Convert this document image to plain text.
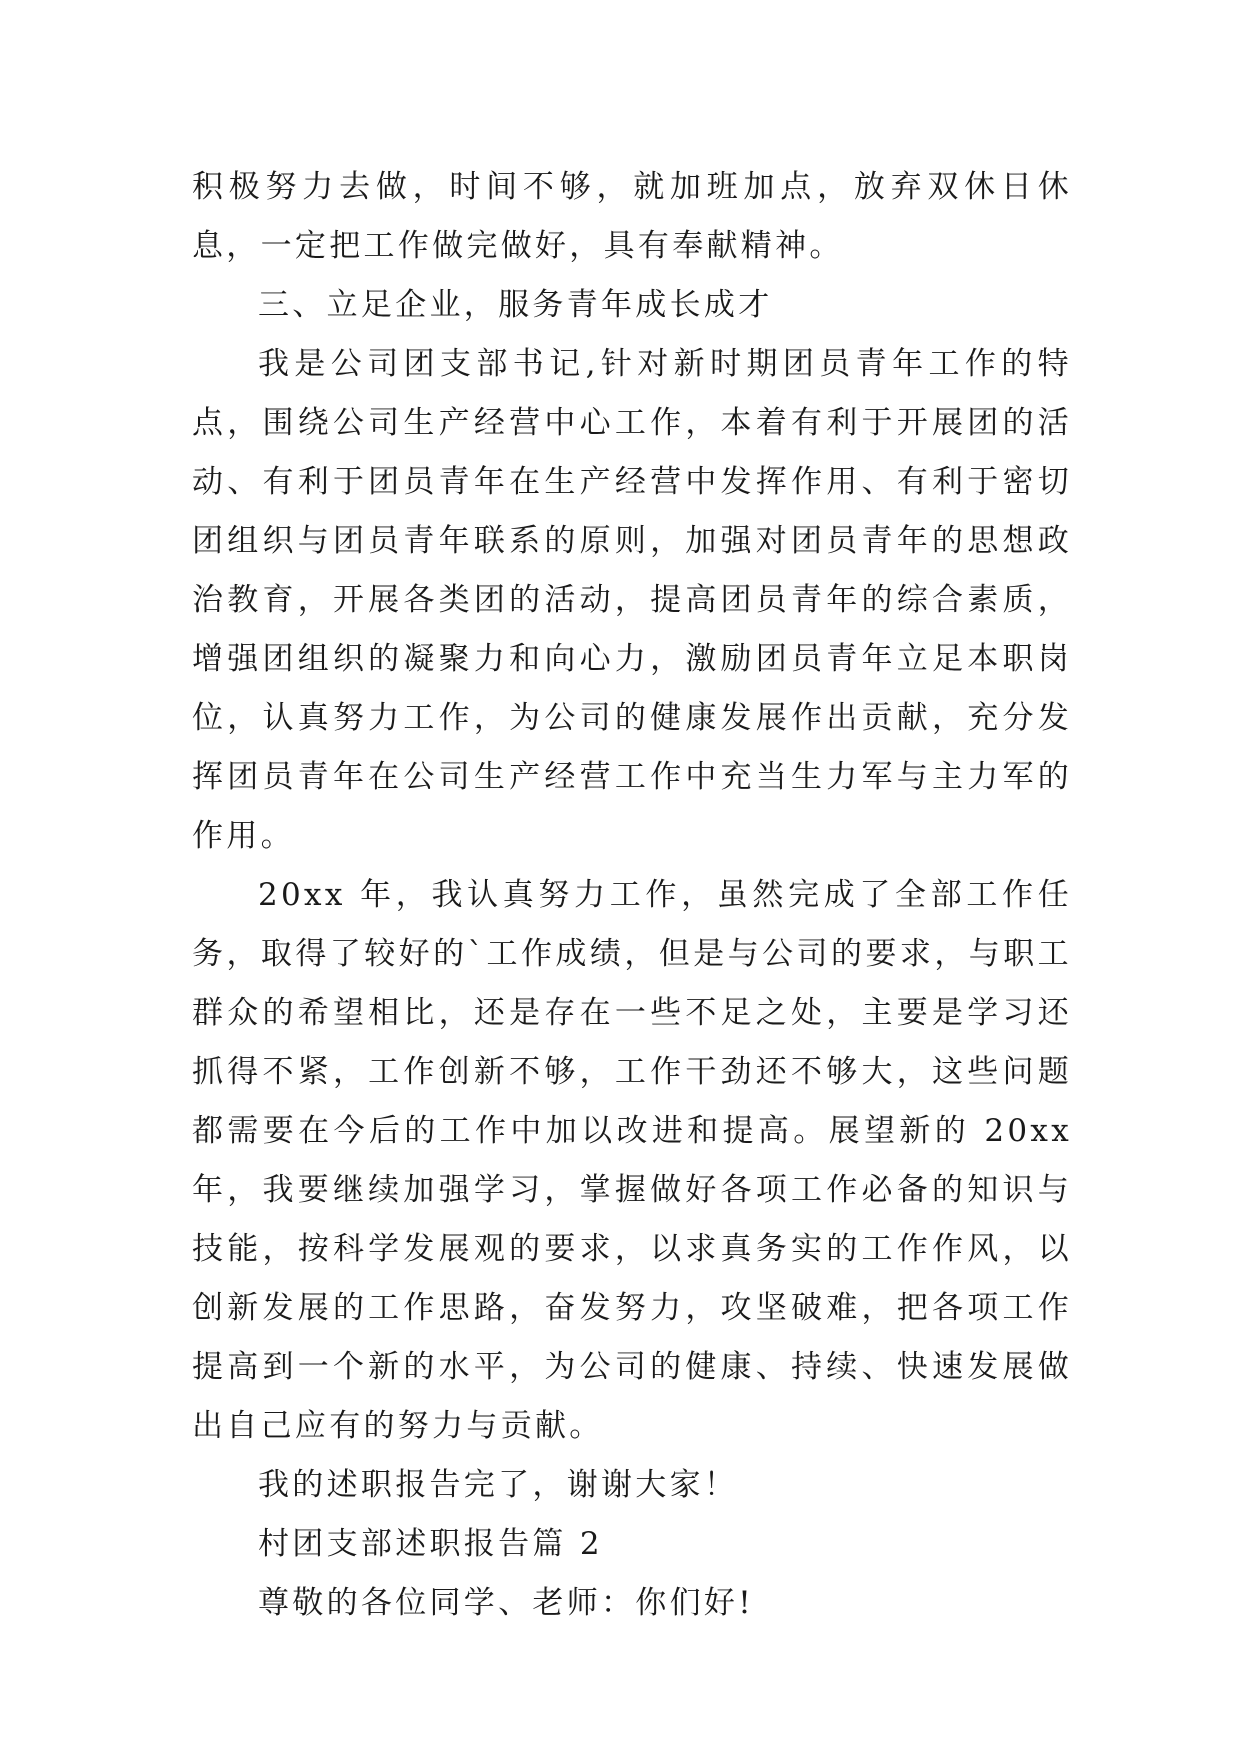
积极努力去做，时间不够，就加班加点，放弃双休日休息，一定把工作做完做好，具有奉献精神。

三、立足企业，服务青年成长成才

我是公司团支部书记,针对新时期团员青年工作的特点，围绕公司生产经营中心工作，本着有利于开展团的活动、有利于团员青年在生产经营中发挥作用、有利于密切团组织与团员青年联系的原则，加强对团员青年的思想政治教育，开展各类团的活动，提高团员青年的综合素质，增强团组织的凝聚力和向心力，激励团员青年立足本职岗位，认真努力工作，为公司的健康发展作出贡献，充分发挥团员青年在公司生产经营工作中充当生力军与主力军的作用。

20xx 年，我认真努力工作，虽然完成了全部工作任务，取得了较好的`工作成绩，但是与公司的要求，与职工群众的希望相比，还是存在一些不足之处，主要是学习还抓得不紧，工作创新不够，工作干劲还不够大，这些问题都需要在今后的工作中加以改进和提高。展望新的 20xx 年，我要继续加强学习，掌握做好各项工作必备的知识与技能，按科学发展观的要求，以求真务实的工作作风，以创新发展的工作思路，奋发努力，攻坚破难，把各项工作提高到一个新的水平，为公司的健康、持续、快速发展做出自己应有的努力与贡献。

我的述职报告完了，谢谢大家！

村团支部述职报告篇 2

尊敬的各位同学、老师：你们好!
